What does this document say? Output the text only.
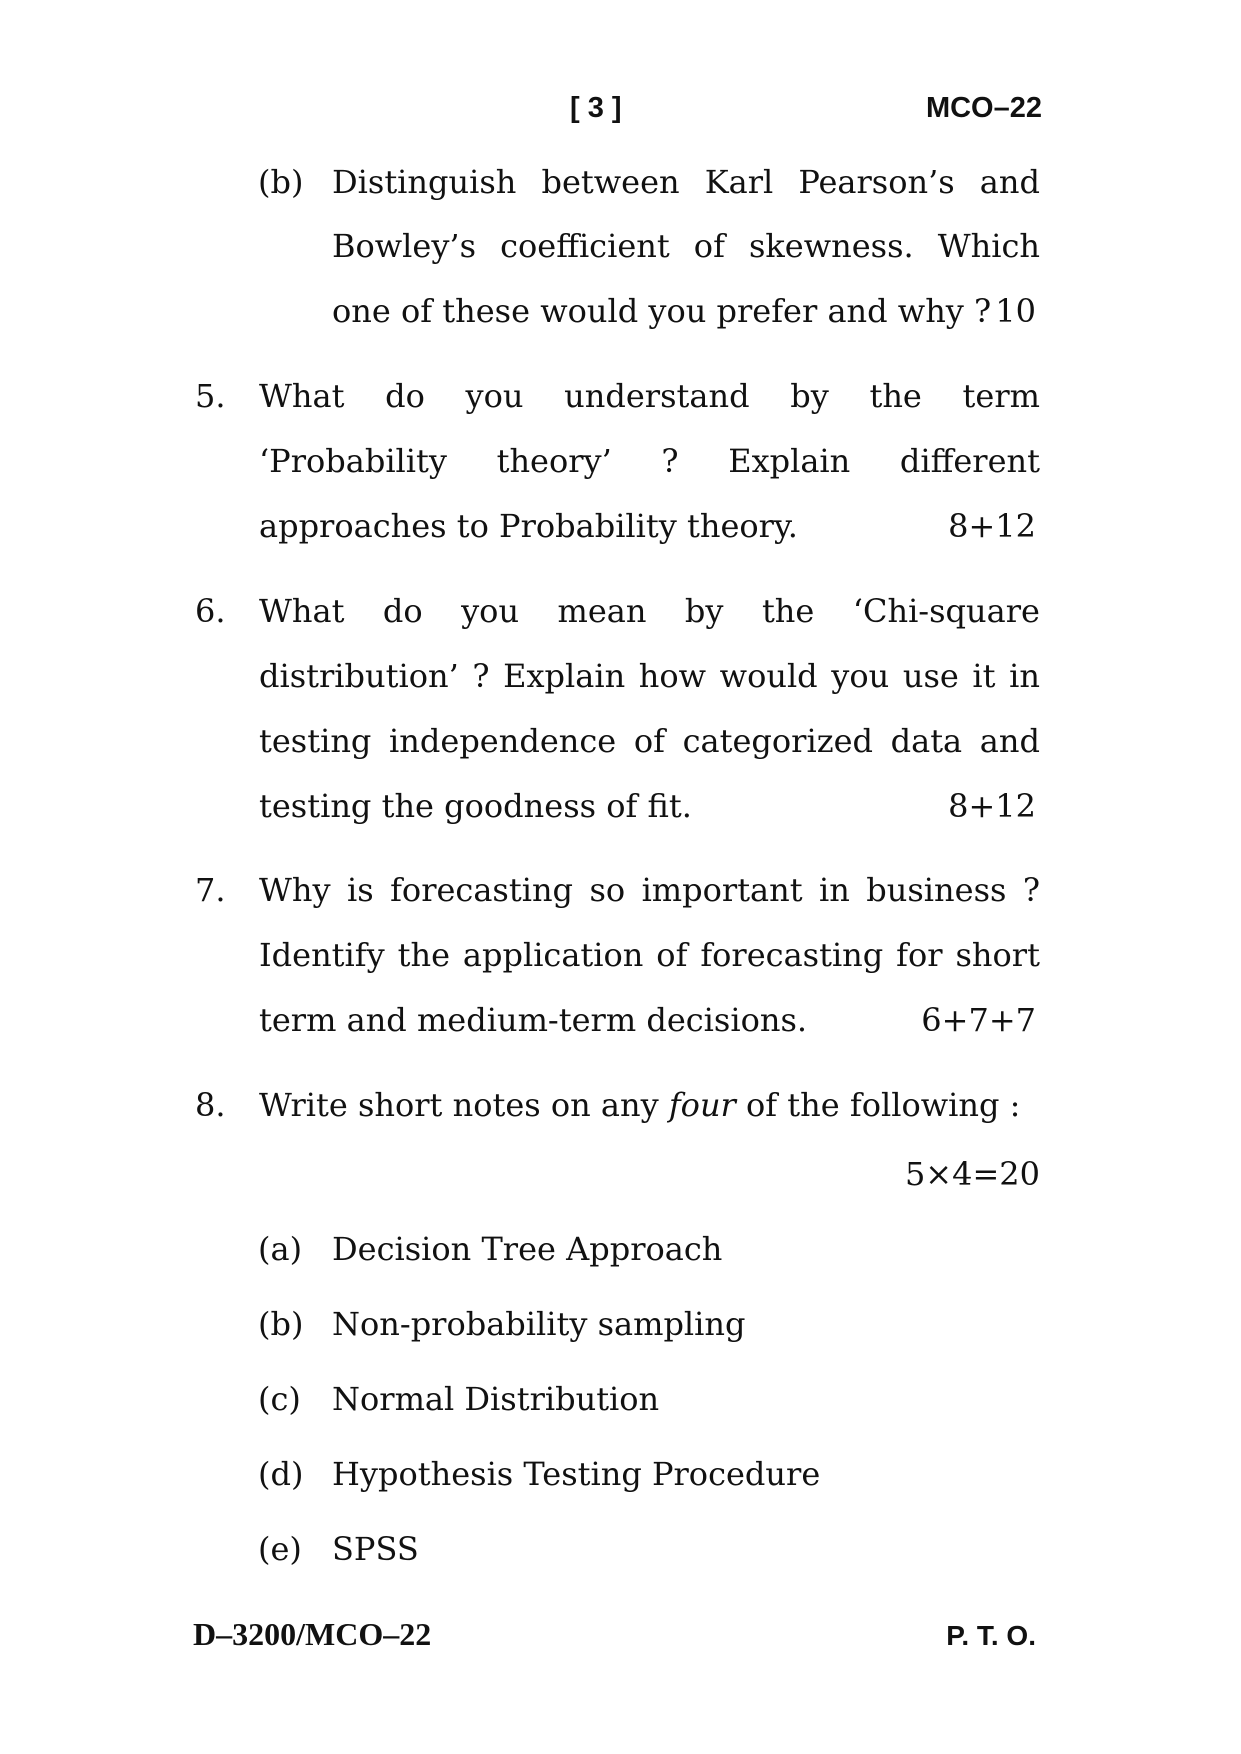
[ 3 ]	MCO–22
(b) Distinguish between Karl Pearson’s and
Bowley’s coefficient of skewness. Which
one of these would you prefer and why ? 10
5. What do you understand by the term
‘Probability theory’ ? Explain different
approaches to Probability theory.	8+12
6. What do you mean by the ‘Chi-square
distribution’ ? Explain how would you use it in
testing independence of categorized data and
testing the goodness of fit.	8+12
7. Why is forecasting so important in business ?
Identify the application of forecasting for short
term and medium-term decisions.	6+7+7
8. Write short notes on any four of the following :
5×4=20
(a) Decision Tree Approach
(b) Non-probability sampling
(c) Normal Distribution
(d) Hypothesis Testing Procedure
(e) SPSS
D–3200/MCO–22	P. T. O.
